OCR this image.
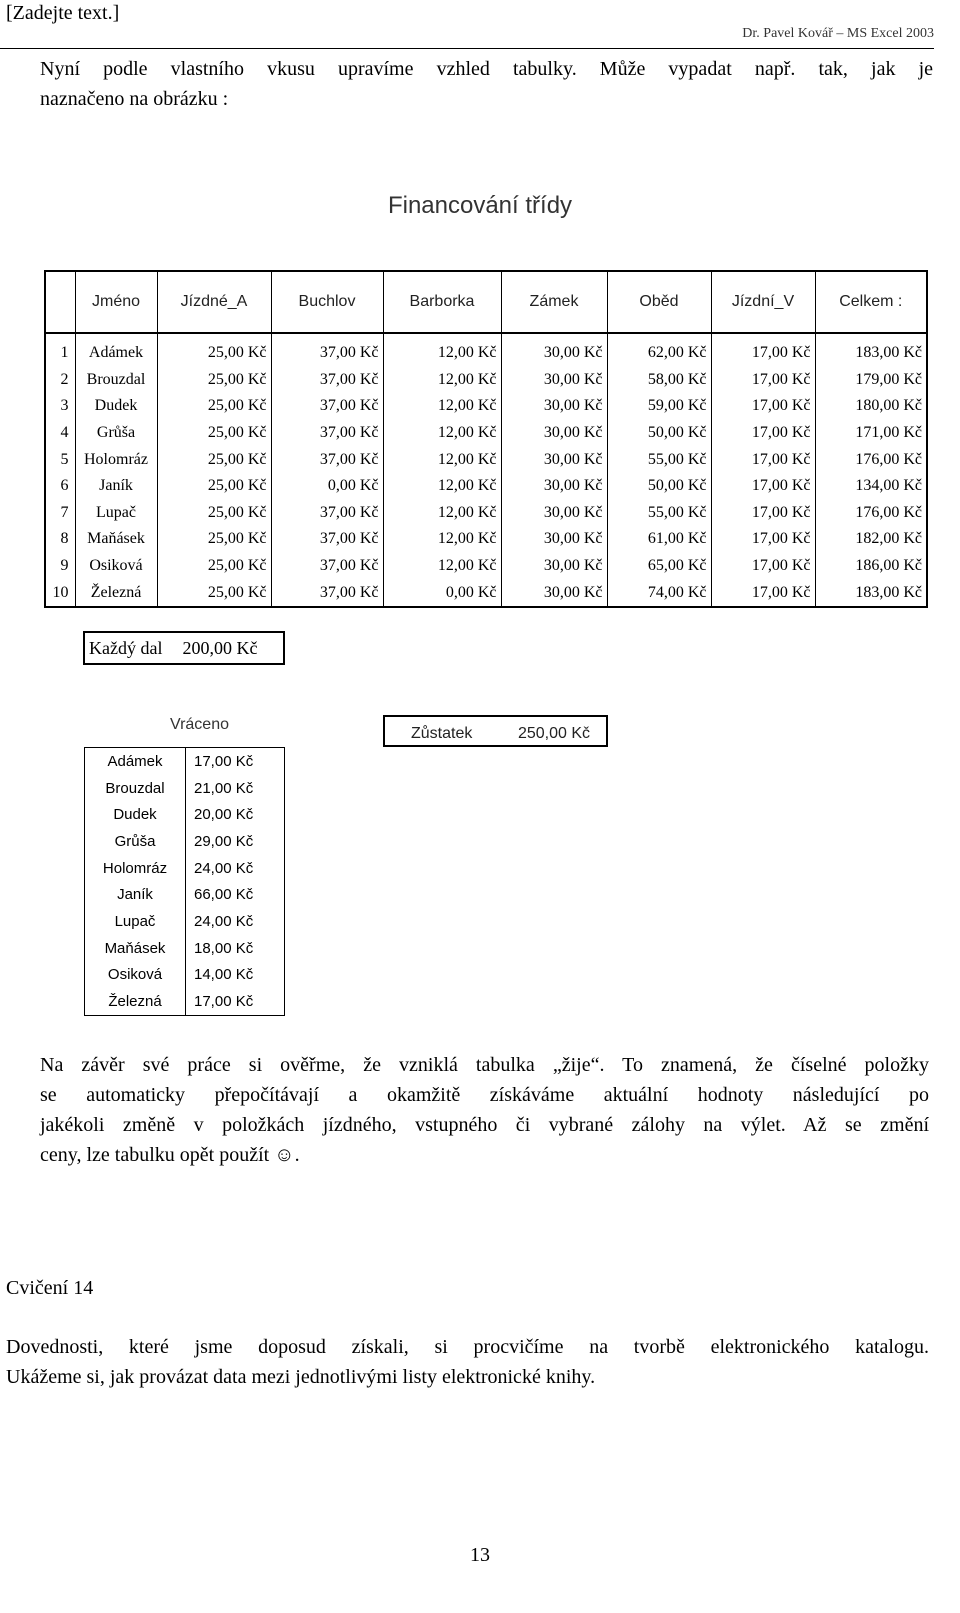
[Zadejte text.]
Dr. Pavel Kovář – MS Excel 2003
Nyní podle vlastního vkusu upravíme vzhled tabulky. Může vypadat např. tak, jak je
naznačeno na obrázku :
Financování třídy
	Jméno	Jízdné_A	Buchlov	Barborka	Zámek	Oběd	Jízdní_V	Celkem :
1	Adámek	25,00 Kč	37,00 Kč	12,00 Kč	30,00 Kč	62,00 Kč	17,00 Kč	183,00 Kč
2	Brouzdal	25,00 Kč	37,00 Kč	12,00 Kč	30,00 Kč	58,00 Kč	17,00 Kč	179,00 Kč
3	Dudek	25,00 Kč	37,00 Kč	12,00 Kč	30,00 Kč	59,00 Kč	17,00 Kč	180,00 Kč
4	Grůša	25,00 Kč	37,00 Kč	12,00 Kč	30,00 Kč	50,00 Kč	17,00 Kč	171,00 Kč
5	Holomráz	25,00 Kč	37,00 Kč	12,00 Kč	30,00 Kč	55,00 Kč	17,00 Kč	176,00 Kč
6	Janík	25,00 Kč	0,00 Kč	12,00 Kč	30,00 Kč	50,00 Kč	17,00 Kč	134,00 Kč
7	Lupač	25,00 Kč	37,00 Kč	12,00 Kč	30,00 Kč	55,00 Kč	17,00 Kč	176,00 Kč
8	Maňásek	25,00 Kč	37,00 Kč	12,00 Kč	30,00 Kč	61,00 Kč	17,00 Kč	182,00 Kč
9	Osiková	25,00 Kč	37,00 Kč	12,00 Kč	30,00 Kč	65,00 Kč	17,00 Kč	186,00 Kč
10	Železná	25,00 Kč	37,00 Kč	0,00 Kč	30,00 Kč	74,00 Kč	17,00 Kč	183,00 Kč
Každý dal 200,00 Kč
Vráceno
Adámek	17,00 Kč
Brouzdal	21,00 Kč
Dudek	20,00 Kč
Grůša	29,00 Kč
Holomráz	24,00 Kč
Janík	66,00 Kč
Lupač	24,00 Kč
Maňásek	18,00 Kč
Osiková	14,00 Kč
Železná	17,00 Kč
Zůstatek	250,00 Kč
Na závěr své práce si ověřme, že vzniklá tabulka „žije“. To znamená, že číselné položky
se automaticky přepočítávají a okamžitě získáváme aktuální hodnoty následující po
jakékoli změně v položkách jízdného, vstupného či vybrané zálohy na výlet. Až se změní
ceny, lze tabulku opět použít ☺.
Cvičení 14
Dovednosti, které jsme doposud získali, si procvičíme na tvorbě elektronického katalogu.
Ukážeme si, jak provázat data mezi jednotlivými listy elektronické knihy.
13
